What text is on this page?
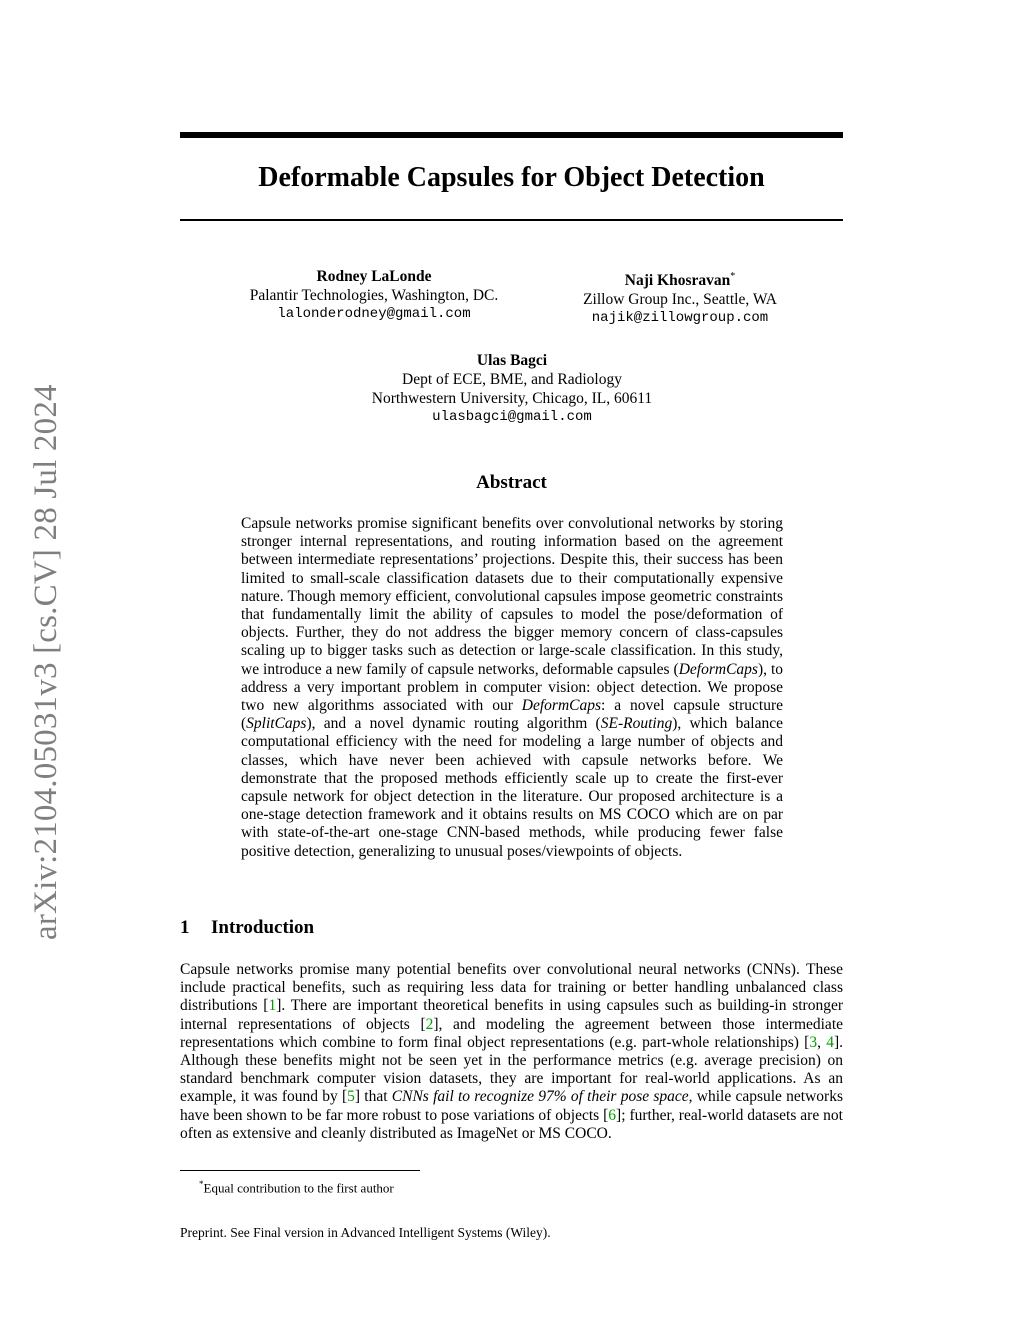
arXiv:2104.05031v3 [cs.CV] 28 Jul 2024
Deformable Capsules for Object Detection
Rodney LaLonde
Palantir Technologies, Washington, DC.
lalonderodney@gmail.com
Naji Khosravan*
Zillow Group Inc., Seattle, WA
najik@zillowgroup.com
Ulas Bagci
Dept of ECE, BME, and Radiology
Northwestern University, Chicago, IL, 60611
ulasbagci@gmail.com
Abstract

Capsule networks promise significant benefits over convolutional networks by storing stronger internal representations, and routing information based on the agreement between intermediate representations’ projections. Despite this, their success has been limited to small-scale classification datasets due to their computationally expensive nature. Though memory efficient, convolutional capsules impose geometric constraints that fundamentally limit the ability of capsules to model the pose/deformation of objects. Further, they do not address the bigger memory concern of class-capsules scaling up to bigger tasks such as detection or large-scale classification. In this study, we introduce a new family of capsule networks, deformable capsules (DeformCaps), to address a very important problem in computer vision: object detection. We propose two new algorithms associated with our DeformCaps: a novel capsule structure (SplitCaps), and a novel dynamic routing algorithm (SE-Routing), which balance computational efficiency with the need for modeling a large number of objects and classes, which have never been achieved with capsule networks before. We demonstrate that the proposed methods efficiently scale up to create the first-ever capsule network for object detection in the literature. Our proposed architecture is a one-stage detection framework and it obtains results on MS COCO which are on par with state-of-the-art one-stage CNN-based methods, while producing fewer false positive detection, generalizing to unusual poses/viewpoints of objects.

1 Introduction

Capsule networks promise many potential benefits over convolutional neural networks (CNNs). These include practical benefits, such as requiring less data for training or better handling unbalanced class distributions [1]. There are important theoretical benefits in using capsules such as building-in stronger internal representations of objects [2], and modeling the agreement between those intermediate representations which combine to form final object representations (e.g. part-whole relationships) [3, 4]. Although these benefits might not be seen yet in the performance metrics (e.g. average precision) on standard benchmark computer vision datasets, they are important for real-world applications. As an example, it was found by [5] that CNNs fail to recognize 97% of their pose space, while capsule networks have been shown to be far more robust to pose variations of objects [6]; further, real-world datasets are not often as extensive and cleanly distributed as ImageNet or MS COCO.

*Equal contribution to the first author
Preprint. See Final version in Advanced Intelligent Systems (Wiley).
